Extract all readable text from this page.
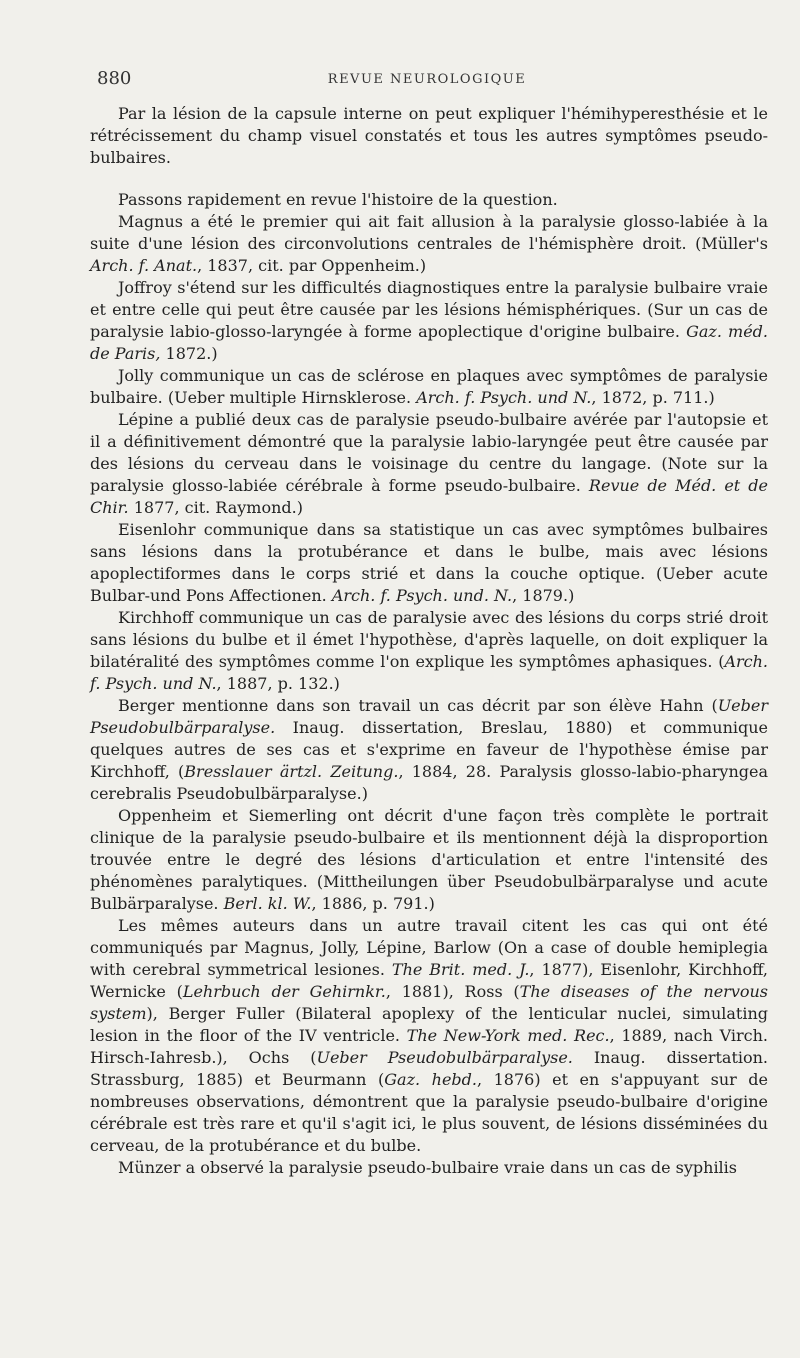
880	REVUE NEUROLOGIQUE

Par la lésion de la capsule interne on peut expliquer l'hémihyperesthésie et le rétrécissement du champ visuel constatés et tous les autres symptômes pseudo-bulbaires.

Passons rapidement en revue l'histoire de la question.

Magnus a été le premier qui ait fait allusion à la paralysie glosso-labiée à la suite d'une lésion des circonvolutions centrales de l'hémisphère droit. (Müller's Arch. f. Anat., 1837, cit. par Oppenheim.)

Joffroy s'étend sur les difficultés diagnostiques entre la paralysie bulbaire vraie et entre celle qui peut être causée par les lésions hémisphériques. (Sur un cas de paralysie labio-glosso-laryngée à forme apoplectique d'origine bulbaire. Gaz. méd. de Paris, 1872.)

Jolly communique un cas de sclérose en plaques avec symptômes de paralysie bulbaire. (Ueber multiple Hirnsklerose. Arch. f. Psych. und N., 1872, p. 711.)

Lépine a publié deux cas de paralysie pseudo-bulbaire avérée par l'autopsie et il a définitivement démontré que la paralysie labio-laryngée peut être causée par des lésions du cerveau dans le voisinage du centre du langage. (Note sur la paralysie glosso-labiée cérébrale à forme pseudo-bulbaire. Revue de Méd. et de Chir. 1877, cit. Raymond.)

Eisenlohr communique dans sa statistique un cas avec symptômes bulbaires sans lésions dans la protubérance et dans le bulbe, mais avec lésions apoplectiformes dans le corps strié et dans la couche optique. (Ueber acute Bulbar-und Pons Affectionen. Arch. f. Psych. und. N., 1879.)

Kirchhoff communique un cas de paralysie avec des lésions du corps strié droit sans lésions du bulbe et il émet l'hypothèse, d'après laquelle, on doit expliquer la bilatéralité des symptômes comme l'on explique les symptômes aphasiques. (Arch. f. Psych. und N., 1887, p. 132.)

Berger mentionne dans son travail un cas décrit par son élève Hahn (Ueber Pseudobulbärparalyse. Inaug. dissertation, Breslau, 1880) et communique quelques autres de ses cas et s'exprime en faveur de l'hypothèse émise par Kirchhoff, (Bresslauer ärtzl. Zeitung., 1884, 28. Paralysis glosso-labio-pharyngea cerebralis Pseudobulbärparalyse.)

Oppenheim et Siemerling ont décrit d'une façon très complète le portrait clinique de la paralysie pseudo-bulbaire et ils mentionnent déjà la disproportion trouvée entre le degré des lésions d'articulation et entre l'intensité des phénomènes paralytiques. (Mittheilungen über Pseudobulbärparalyse und acute Bulbärparalyse. Berl. kl. W., 1886, p. 791.)

Les mêmes auteurs dans un autre travail citent les cas qui ont été communiqués par Magnus, Jolly, Lépine, Barlow (On a case of double hemiplegia with cerebral symmetrical lesiones. The Brit. med. J., 1877), Eisenlohr, Kirchhoff, Wernicke (Lehrbuch der Gehirnkr., 1881), Ross (The diseases of the nervous system), Berger Fuller (Bilateral apoplexy of the lenticular nuclei, simulating lesion in the floor of the IV ventricle. The New-York med. Rec., 1889, nach Virch. Hirsch-Iahresb.), Ochs (Ueber Pseudobulbärparalyse. Inaug. dissertation. Strassburg, 1885) et Beurmann (Gaz. hebd., 1876) et en s'appuyant sur de nombreuses observations, démontrent que la paralysie pseudo-bulbaire d'origine cérébrale est très rare et qu'il s'agit ici, le plus souvent, de lésions disséminées du cerveau, de la protubérance et du bulbe.

Münzer a observé la paralysie pseudo-bulbaire vraie dans un cas de syphilis
